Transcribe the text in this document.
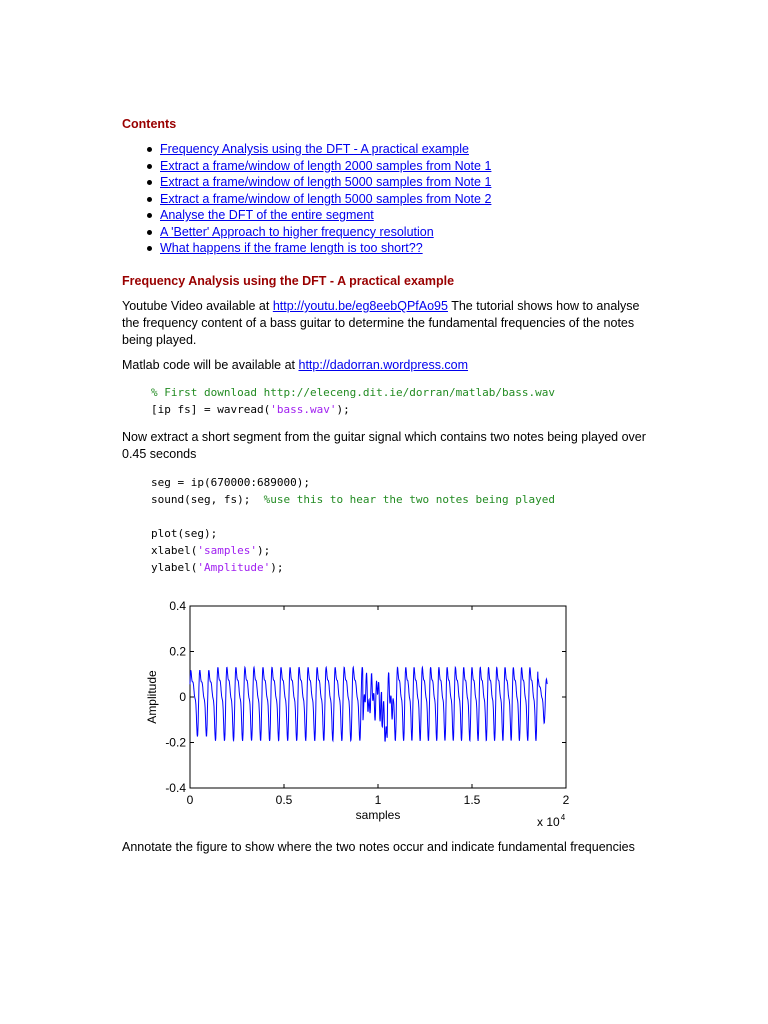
Contents
Frequency Analysis using the DFT - A practical example
Extract a frame/window of length 2000 samples from Note 1
Extract a frame/window of length 5000 samples from Note 1
Extract a frame/window of length 5000 samples from Note 2
Analyse the DFT of the entire segment
A 'Better' Approach to higher frequency resolution
What happens if the frame length is too short??
Frequency Analysis using the DFT - A practical example

Youtube Video available at http://youtu.be/eg8eebQPfAo95 The tutorial shows how to analyse the frequency content of a bass guitar to determine the fundamental frequencies of the notes being played.

Matlab code will be available at http://dadorran.wordpress.com

% First download http://eleceng.dit.ie/dorran/matlab/bass.wav
[ip fs] = wavread('bass.wav');

Now extract a short segment from the guitar signal which contains two notes being played over 0.45 seconds

seg = ip(670000:689000);
sound(seg, fs);  %use this to hear the two notes being played

plot(seg);
xlabel('samples');
ylabel('Amplitude');
0	0.5	1	1.5	2
0.4
0.2
0
-0.2
-0.4
samples
Amplitude
x $10^4$

Annotate the figure to show where the two notes occur and indicate fundamental frequencies
